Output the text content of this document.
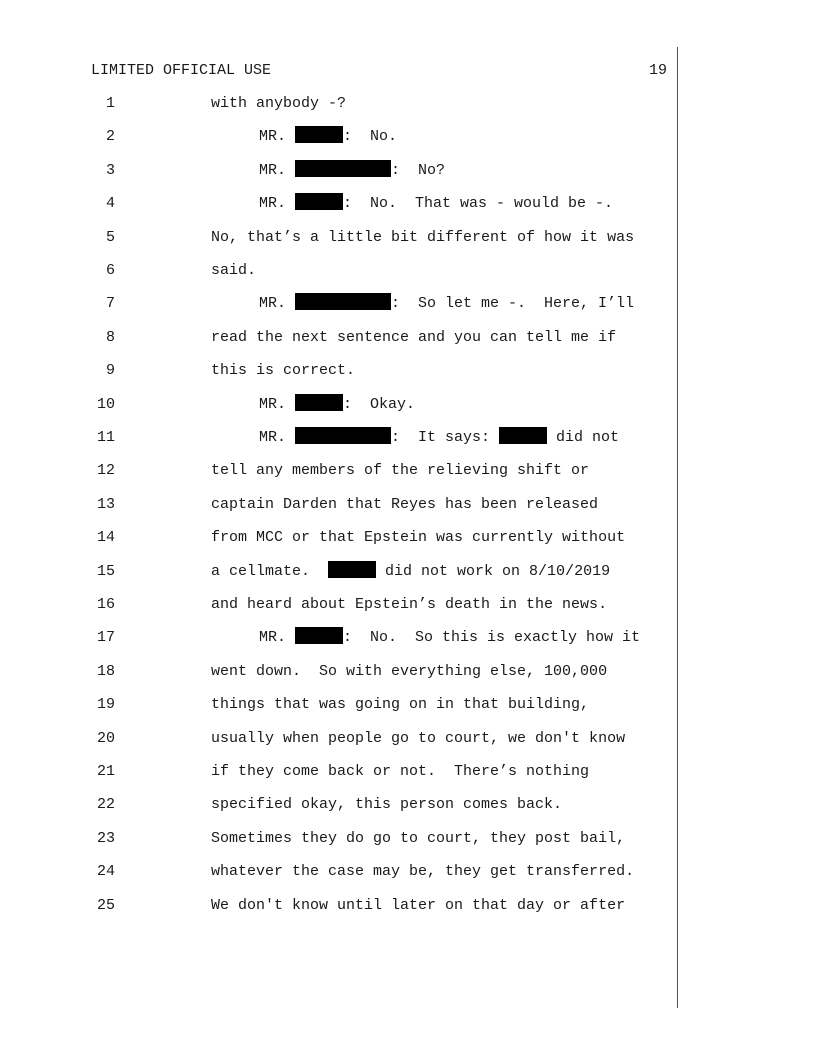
LIMITED OFFICIAL USE	19
1	with anybody -?
2	MR.	:  No.
3	MR.	:  No?
4	MR.	:  No.  That was - would be -.
5	No, that’s a little bit different of how it was
6	said.
7	MR.	:  So let me -.  Here, I’ll
8	read the next sentence and you can tell me if
9	this is correct.
10	MR.	:  Okay.
11	MR.	:  It says:	did not
12	tell any members of the relieving shift or
13	captain Darden that Reyes has been released
14	from MCC or that Epstein was currently without
15	a cellmate.	did not work on 8/10/2019
16	and heard about Epstein’s death in the news.
17	MR.	:  No.  So this is exactly how it
18	went down.  So with everything else, 100,000
19	things that was going on in that building,
20	usually when people go to court, we don't know
21	if they come back or not.  There’s nothing
22	specified okay, this person comes back.
23	Sometimes they do go to court, they post bail,
24	whatever the case may be, they get transferred.
25	We don't know until later on that day or after
